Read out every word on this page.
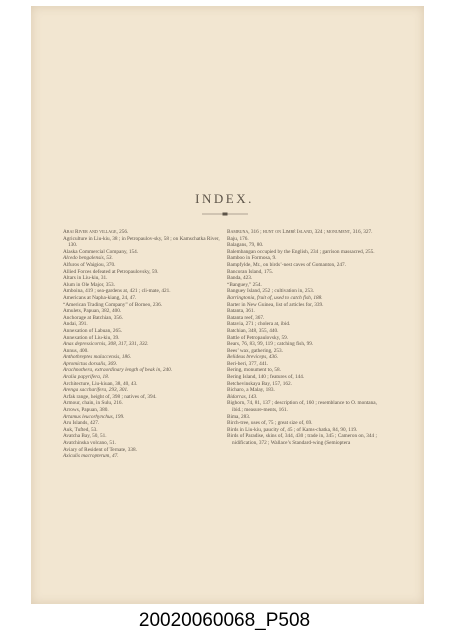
INDEX.
Abai River and village, 256.
Agriculture in Liu-kiu, 38 ; in Petropaulov-sky, 58 ; on Kamschatka River, 130.
Alaska Commercial Company, 154.
Alcedo bengalensis, 53.
Alfuros of Waigiou, 370.
Allied Forces defeated at Petropaulovsky, 59.
Altars in Liu-kiu, 31.
Alum in Ole Major, 353.
Amboina, 419 ; sea-gardens at, 421 ; cli-mate, 421.
Americans at Napha-kiang, 24, 47.
“American Trading Company” of Borneo, 236.
Amulets, Papuan, 382, 400.
Anchorage at Batchian, 356.
Andai, 391.
Annexation of Labuan, 265.
Annexation of Liu-kiu, 39.
Anas depressicornis, 308, 317, 331, 332.
Annus, 400.
Anthothreptes malaccensis, 186.
Apromictus dorsalis, 369.
Arachnothera, extraordinary length of beak in, 240.
Aralia papyrifera, 18.
Architecture, Liu-kiuan, 38, 40, 43.
Arenga saccharifera, 293, 301.
Arfak range, height of, 398 ; natives of, 394.
Armour, chain, in Sulu, 216.
Arrows, Papuan, 380.
Artamus leucorhynchus, 199.
Aru Islands, 427.
Auk, Tufted, 53.
Avatcha Bay, 50, 51.
Avatchinska volcano, 51.
Aviary of Resident of Ternate, 338.
Axiculis macropterum, 47.
Bambuna, 316 ; hunt on Limbé Island, 324 ; monument, 316, 327.
Baju, 176.
Balagans, 79, 80.
Balembangan occupied by the English, 234 ; garrison massacred, 255.
Bamboo in Formosa, 9.
Bampfylde, Mr., on birds’-nest caves of Gomanton, 247.
Bancoran Island, 175.
Banda, 423.
“Banguey,” 254.
Banguey Island, 252 ; cultivation in, 253.
Barringtonia, fruit of, used to catch fish, 188.
Barter in New Guinea, list of articles for, 339.
Batanta, 361.
Batanta reef, 367.
Batavia, 271 ; cholera at, ibid.
Batchian, 348, 355, 440.
Battle of Petropaulovsky, 59.
Bears, 76, 83, 99, 119 ; catching fish, 99.
Bees’ wax, gathering, 253.
Belideus breviceps, 436.
Beri-beri, 377, 441.
Bering, monument to, 58.
Bering Island, 140 ; features of, 144.
Betchevinskaya Bay, 157, 162.
Bicharo, a Malay, 183.
Bidarras, 143.
Bighorn, 74, 81, 137 ; description of, 160 ; resemblance to O. montana, ibid.; measure-ments, 161.
Bima, 283.
Birch-tree, uses of, 75 ; great size of, 69.
Birds in Liu-kiu, paucity of, 45 ; of Kams-chatka, 84, 90, 119.
Birds of Paradise, skins of, 344, 430 ; trade in, 345 ; Cameron on, 344 ; nidification, 372 ; Wallace’s Standard-wing (Semioptera
20020060068_P508
